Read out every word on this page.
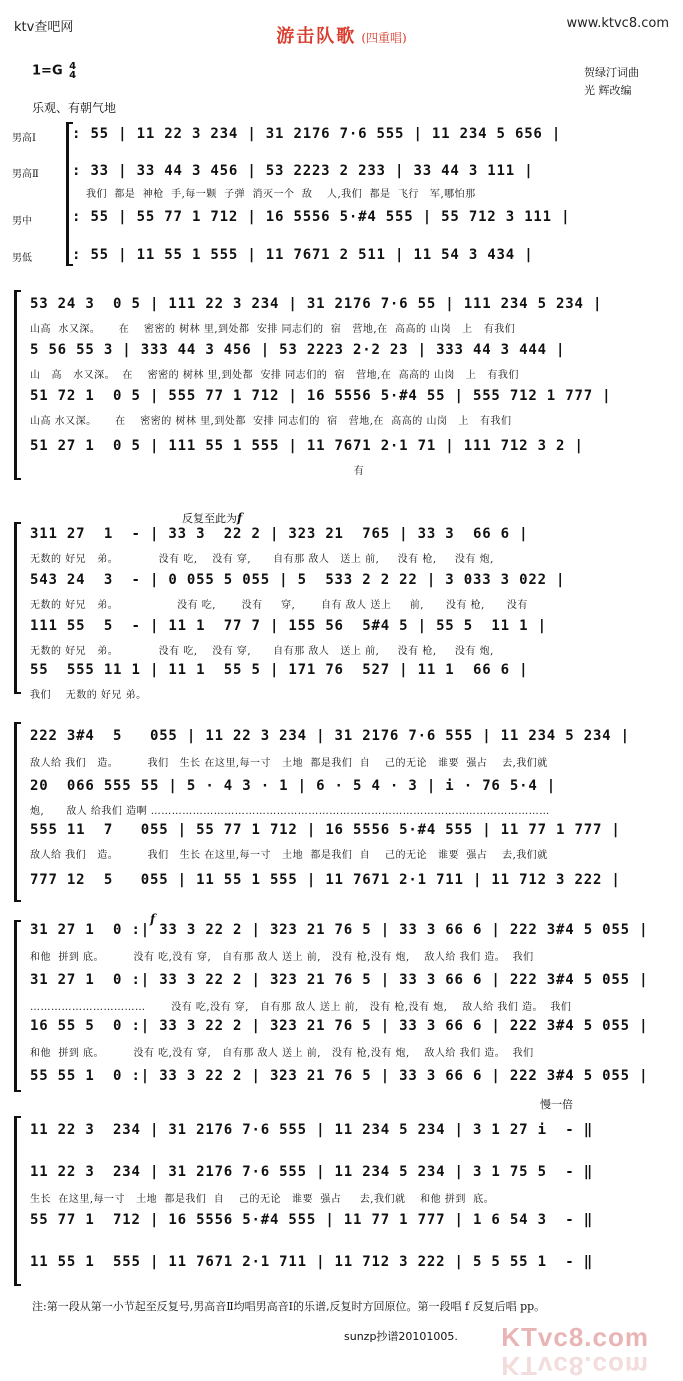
ktv查吧网	www.ktvc8.com
游击队歌 (四重唱)
1=G 4
4	贺绿汀词曲
光 辉改编
乐观、有朝气地
男高Ⅰ
男高Ⅱ
男中
男低
: 55 | 11 22 3 234 | 31 2176 7·6 555 | 11 234 5 656 |
: 33 | 33 44 3 456 | 53 2223 2 233 | 33 44 3 111 |
我们  都是  神枪  手,每一颗  子弹  消灭一个  敌    人,我们  都是  飞行   军,哪怕那
: 55 | 55 77 1 712 | 16 5556 5·#4 555 | 55 712 3 111 |
: 55 | 11 55 1 555 | 11 7671 2 511 | 11 54 3 434 |
53 24 3  0 5 | 111 22 3 234 | 31 2176 7·6 55 | 111 234 5 234 |
山高  水又深。     在    密密的 树林 里,到处都  安排 同志们的  宿   营地,在  高高的 山岗   上   有我们
5 56 55 3 | 333 44 3 456 | 53 2223 2·2 23 | 333 44 3 444 |
山   高   水又深。  在    密密的 树林 里,到处都  安排 同志们的  宿   营地,在  高高的 山岗   上   有我们
51 72 1  0 5 | 555 77 1 712 | 16 5556 5·#4 55 | 555 712 1 777 |
山高 水又深。     在    密密的 树林 里,到处都  安排 同志们的  宿   营地,在  高高的 山岗   上   有我们
51 27 1  0 5 | 111 55 1 555 | 11 7671 2·1 71 | 111 712 3 2 |
有
反复至此为f
311 27  1  - | 33 3  22 2 | 323 21  765 | 33 3  66 6 |
无数的 好兄   弟。           没有 吃,    没有 穿,      自有那 敌人   送上 前,     没有 枪,     没有 炮,
543 24  3  - | 0 055 5 055 | 5  533 2 2 22 | 3 033 3 022 |
无数的 好兄   弟。                没有 吃,       没有     穿,       自有 敌人 送上     前,      没有 枪,      没有
111 55  5  - | 11 1  77 7 | 155 56  5#4 5 | 55 5  11 1 |
无数的 好兄   弟。           没有 吃,    没有 穿,      自有那 敌人   送上 前,     没有 枪,     没有 炮,
55  555 11 1 | 11 1  55 5 | 171 76  527 | 11 1  66 6 |
我们    无数的 好兄 弟。
222 3#4  5   055 | 11 22 3 234 | 31 2176 7·6 555 | 11 234 5 234 |
敌人给 我们   造。        我们   生长 在这里,每一寸   土地  都是我们  自    己的无论   谁要  强占    去,我们就
20  066 555 55 | 5 · 4 3 · 1 | 6 · 5 4 · 3 | i · 76 5·4 |
炮,      敌人 给我们 造啊 ……………………………………………………………………………………………………
555 11  7   055 | 55 77 1 712 | 16 5556 5·#4 555 | 11 77 1 777 |
敌人给 我们   造。        我们   生长 在这里,每一寸   土地  都是我们  自    己的无论   谁要  强占    去,我们就
777 12  5   055 | 11 55 1 555 | 11 7671 2·1 711 | 11 712 3 222 |
f
31 27 1  0 :| 33 3 22 2 | 323 21 76 5 | 33 3 66 6 | 222 3#4 5 055 |
和他  拼到 底。        没有 吃,没有 穿,   自有那 敌人 送上 前,   没有 枪,没有 炮,    敌人给 我们 造。  我们
31 27 1  0 :| 33 3 22 2 | 323 21 76 5 | 33 3 66 6 | 222 3#4 5 055 |
……………………………       没有 吃,没有 穿,   自有那 敌人 送上 前,   没有 枪,没有 炮,    敌人给 我们 造。  我们
16 55 5  0 :| 33 3 22 2 | 323 21 76 5 | 33 3 66 6 | 222 3#4 5 055 |
和他  拼到 底。        没有 吃,没有 穿,   自有那 敌人 送上 前,   没有 枪,没有 炮,    敌人给 我们 造。  我们
55 55 1  0 :| 33 3 22 2 | 323 21 76 5 | 33 3 66 6 | 222 3#4 5 055 |
慢一倍
11 22 3  234 | 31 2176 7·6 555 | 11 234 5 234 | 3 1 27 i  - ‖
11 22 3  234 | 31 2176 7·6 555 | 11 234 5 234 | 3 1 75 5  - ‖
生长  在这里,每一寸   土地  都是我们  自    己的无论   谁要  强占     去,我们就    和他 拼到  底。
55 77 1  712 | 16 5556 5·#4 555 | 11 77 1 777 | 1 6 54 3  - ‖
11 55 1  555 | 11 7671 2·1 711 | 11 712 3 222 | 5 5 55 1  - ‖
注:第一段从第一小节起至反复号,男高音Ⅱ均唱男高音Ⅰ的乐谱,反复时方回原位。第一段唱 f 反复后唱 pp。
sunzp抄谱20101005. KTvc8.com
KTvc8.com
